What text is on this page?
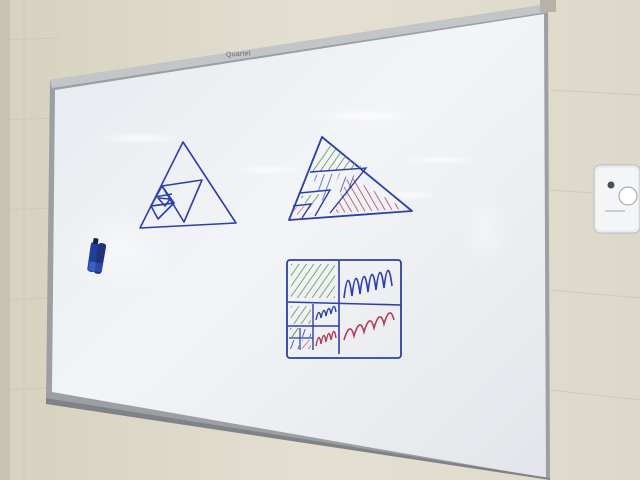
Quartet
